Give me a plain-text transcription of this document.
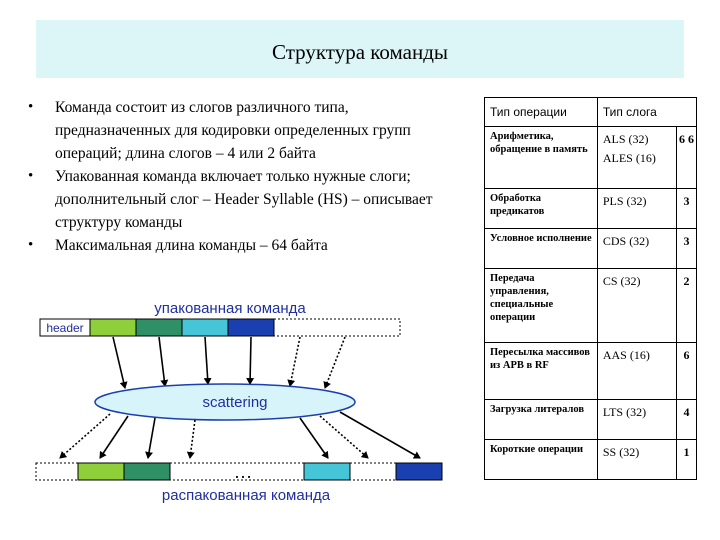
Структура команды
• Команда состоит из слогов различного типа, предназначенных для кодировки определенных групп операций; длина слогов – 4 или 2 байта
• Упакованная команда включает только нужные слоги; дополнительный слог – Header Syllable (HS) – описывает структуру команды
• Максимальная длина команды – 64 байта
Тип операции	Тип слога	
Арифметика, обращение в память	ALS (32) ALES (16)	6 6
Обработка предикатов	PLS (32)	3
Условное исполнение	CDS (32)	3
Передача управления, специальные операции	CS (32)	2
Пересылка массивов из APB в RF	AAS (16)	6
Загрузка литералов	LTS (32)	4
Короткие операции	SS (32)	1
упакованная команда
header
scattering
…
распакованная команда
